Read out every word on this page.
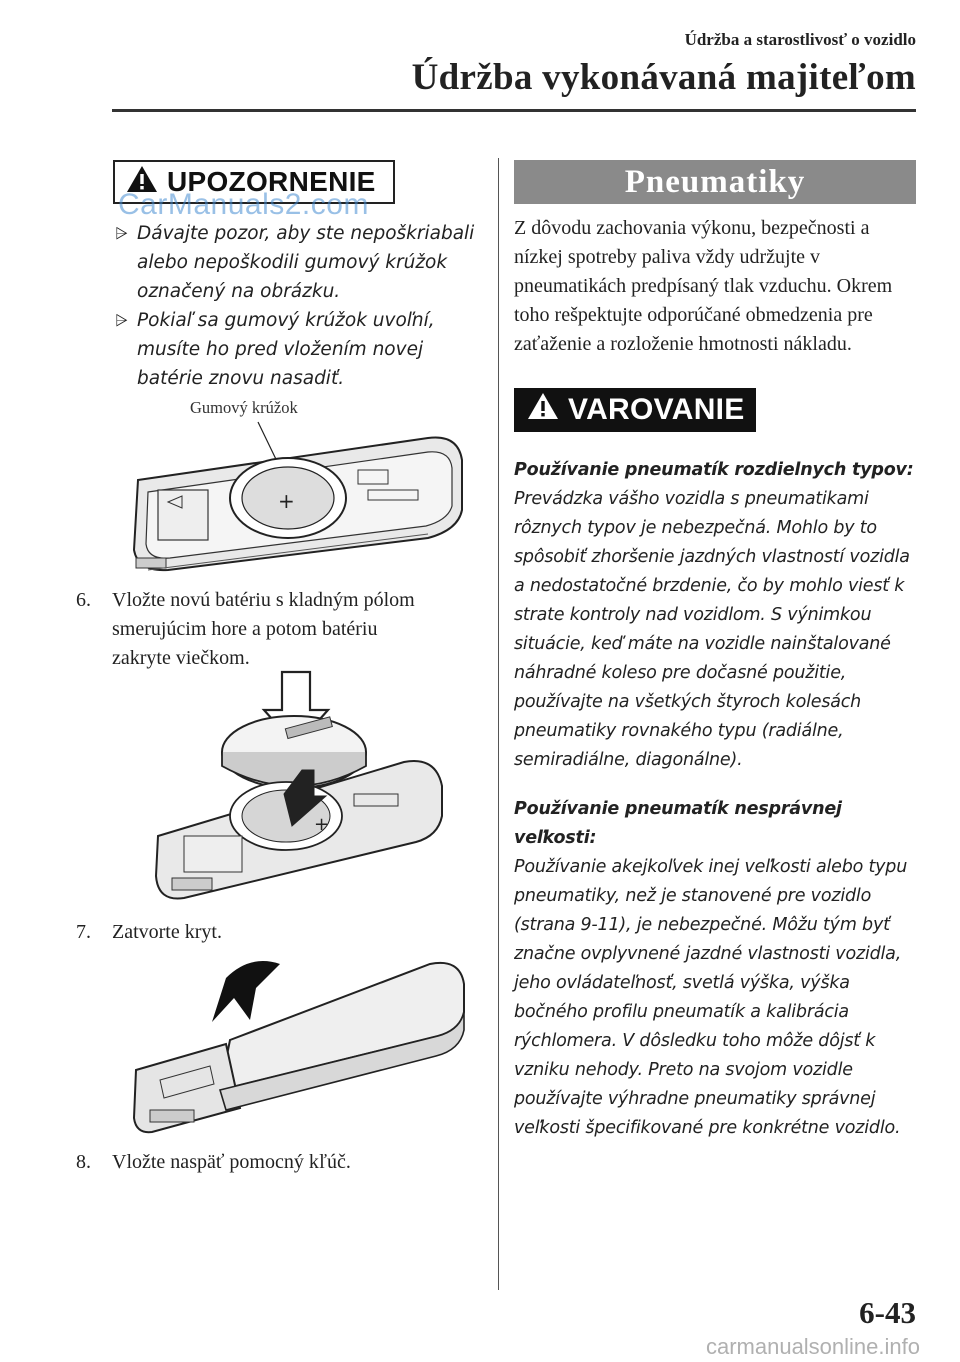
Údržba a starostlivosť o vozidlo
Údržba vykonávaná majiteľom
UPOZORNENIE
CarManuals2.com
⩥ Dávajte pozor, aby ste nepoškriabali alebo nepoškodili gumový krúžok označený na obrázku.
⩥ Pokiaľ sa gumový krúžok uvoľní, musíte ho pred vložením novej batérie znovu nasadiť.
Gumový krúžok
+
6. Vložte novú batériu s kladným pólom
smerujúcim hore a potom batériu
zakryte viečkom.
+
7. Zatvorte kryt.
8. Vložte naspäť pomocný kľúč.
Pneumatiky
Z dôvodu zachovania výkonu, bezpečnosti a nízkej spotreby paliva vždy udržujte v pneumatikách predpísaný tlak vzduchu. Okrem toho rešpektujte odporúčané obmedzenia pre zaťaženie a rozloženie hmotnosti nákladu.
VAROVANIE
Používanie pneumatík rozdielnych typov:
Prevádzka vášho vozidla s pneumatikami rôznych typov je nebezpečná. Mohlo by to spôsobiť zhoršenie jazdných vlastností vozidla a nedostatočné brzdenie, čo by mohlo viesť k strate kontroly nad vozidlom. S výnimkou situácie, keď máte na vozidle nainštalované náhradné koleso pre dočasné použitie, používajte na všetkých štyroch kolesách pneumatiky rovnakého typu (radiálne, semiradiálne, diagonálne).
Používanie pneumatík nesprávnej veľkosti:
Používanie akejkoľvek inej veľkosti alebo typu pneumatiky, než je stanovené pre vozidlo (strana 9-11), je nebezpečné. Môžu tým byť značne ovplyvnené jazdné vlastnosti vozidla, jeho ovládateľnosť, svetlá výška, výška bočného profilu pneumatík a kalibrácia rýchlomera. V dôsledku toho môže dôjsť k vzniku nehody. Preto na svojom vozidle používajte výhradne pneumatiky správnej veľkosti špecifikované pre konkrétne vozidlo.
6-43
carmanualsonline.info
